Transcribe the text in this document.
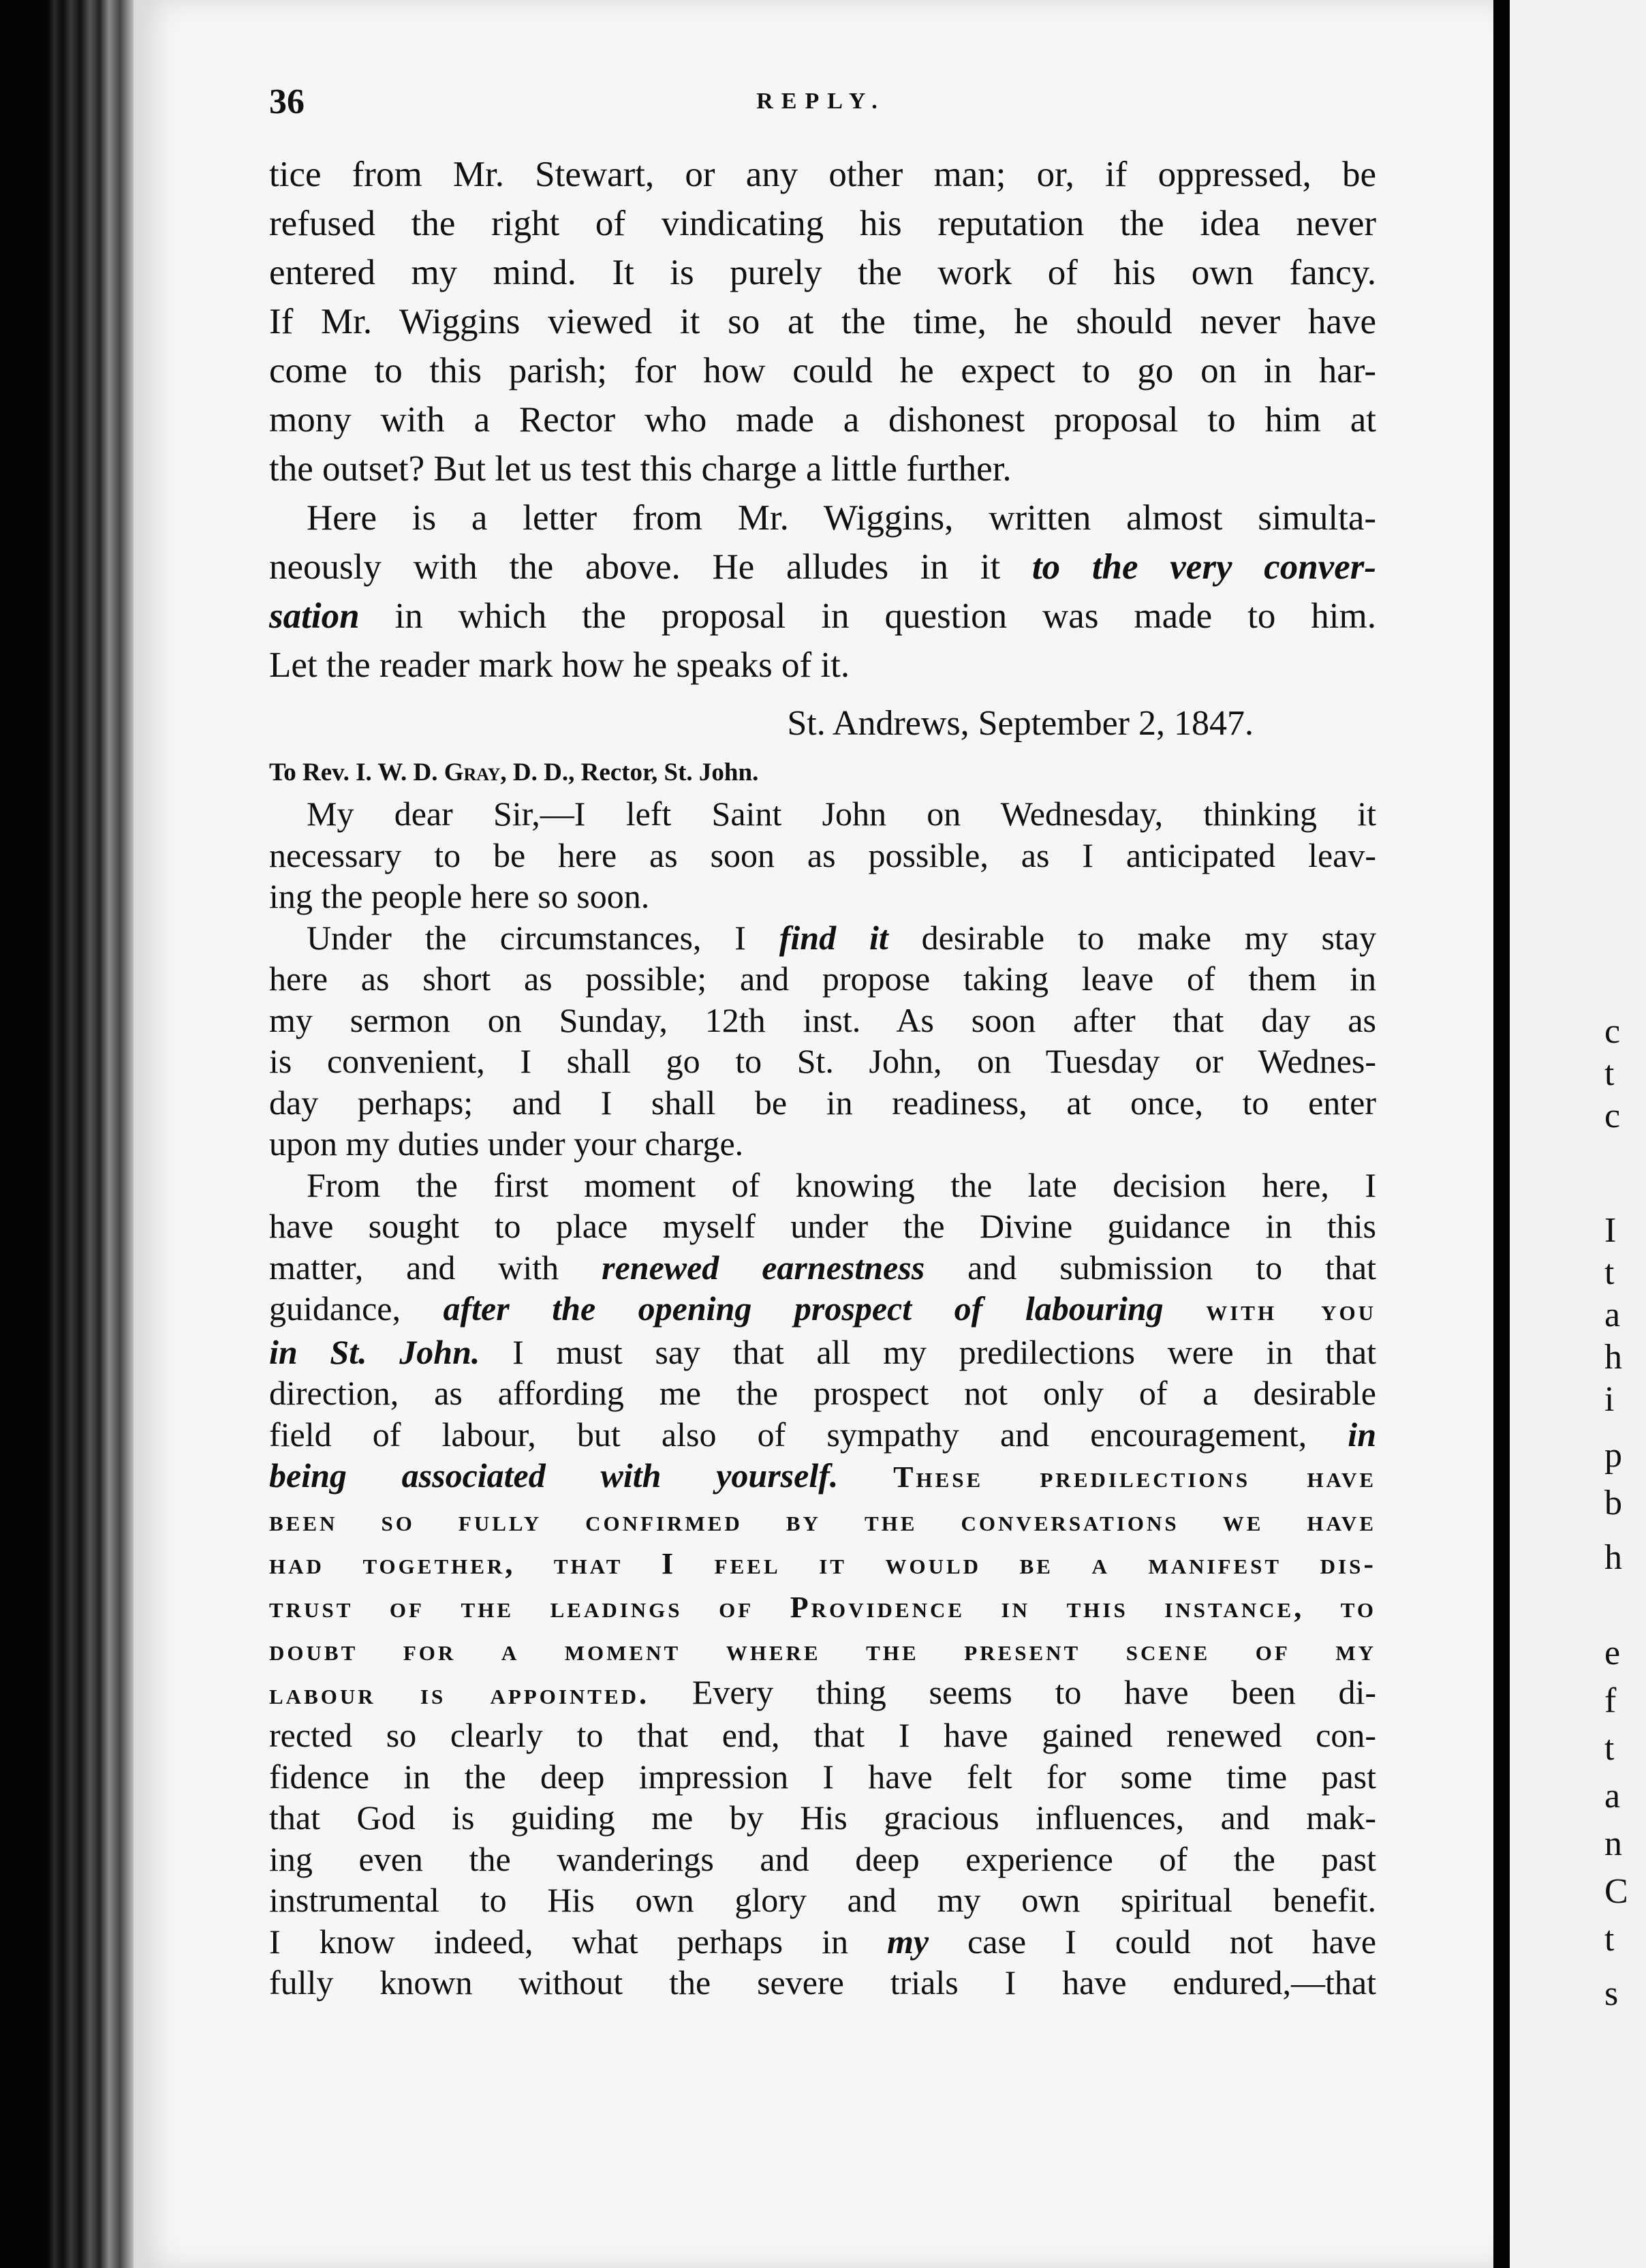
c
t
c
I
t
a
h
i
p
b
h
e
f
t
a
n
C
t
s
36	REPLY.
tice from Mr. Stewart, or any other man; or, if oppressed, be
refused the right of vindicating his reputation the idea never
entered my mind. It is purely the work of his own fancy.
If Mr. Wiggins viewed it so at the time, he should never have
come to this parish; for how could he expect to go on in har-
mony with a Rector who made a dishonest proposal to him at
the outset? But let us test this charge a little further.
Here is a letter from Mr. Wiggins, written almost simulta-
neously with the above. He alludes in it to the very conver-
sation in which the proposal in question was made to him.
Let the reader mark how he speaks of it.
St. Andrews, September 2, 1847.
To Rev. I. W. D. Gray, D. D., Rector, St. John.
My dear Sir,—I left Saint John on Wednesday, thinking it
necessary to be here as soon as possible, as I anticipated leav-
ing the people here so soon.
Under the circumstances, I find it desirable to make my stay
here as short as possible; and propose taking leave of them in
my sermon on Sunday, 12th inst. As soon after that day as
is convenient, I shall go to St. John, on Tuesday or Wednes-
day perhaps; and I shall be in readiness, at once, to enter
upon my duties under your charge.
From the first moment of knowing the late decision here, I
have sought to place myself under the Divine guidance in this
matter, and with renewed earnestness and submission to that
guidance, after the opening prospect of labouring with you
in St. John. I must say that all my predilections were in that
direction, as affording me the prospect not only of a desirable
field of labour, but also of sympathy and encouragement, in
being associated with yourself. These predilections have
been so fully confirmed by the conversations we have
had together, that I feel it would be a manifest dis-
trust of the leadings of Providence in this instance, to
doubt for a moment where the present scene of my
labour is appointed. Every thing seems to have been di-
rected so clearly to that end, that I have gained renewed con-
fidence in the deep impression I have felt for some time past
that God is guiding me by His gracious influences, and mak-
ing even the wanderings and deep experience of the past
instrumental to His own glory and my own spiritual benefit.
I know indeed, what perhaps in my case I could not have
fully known without the severe trials I have endured,—that
